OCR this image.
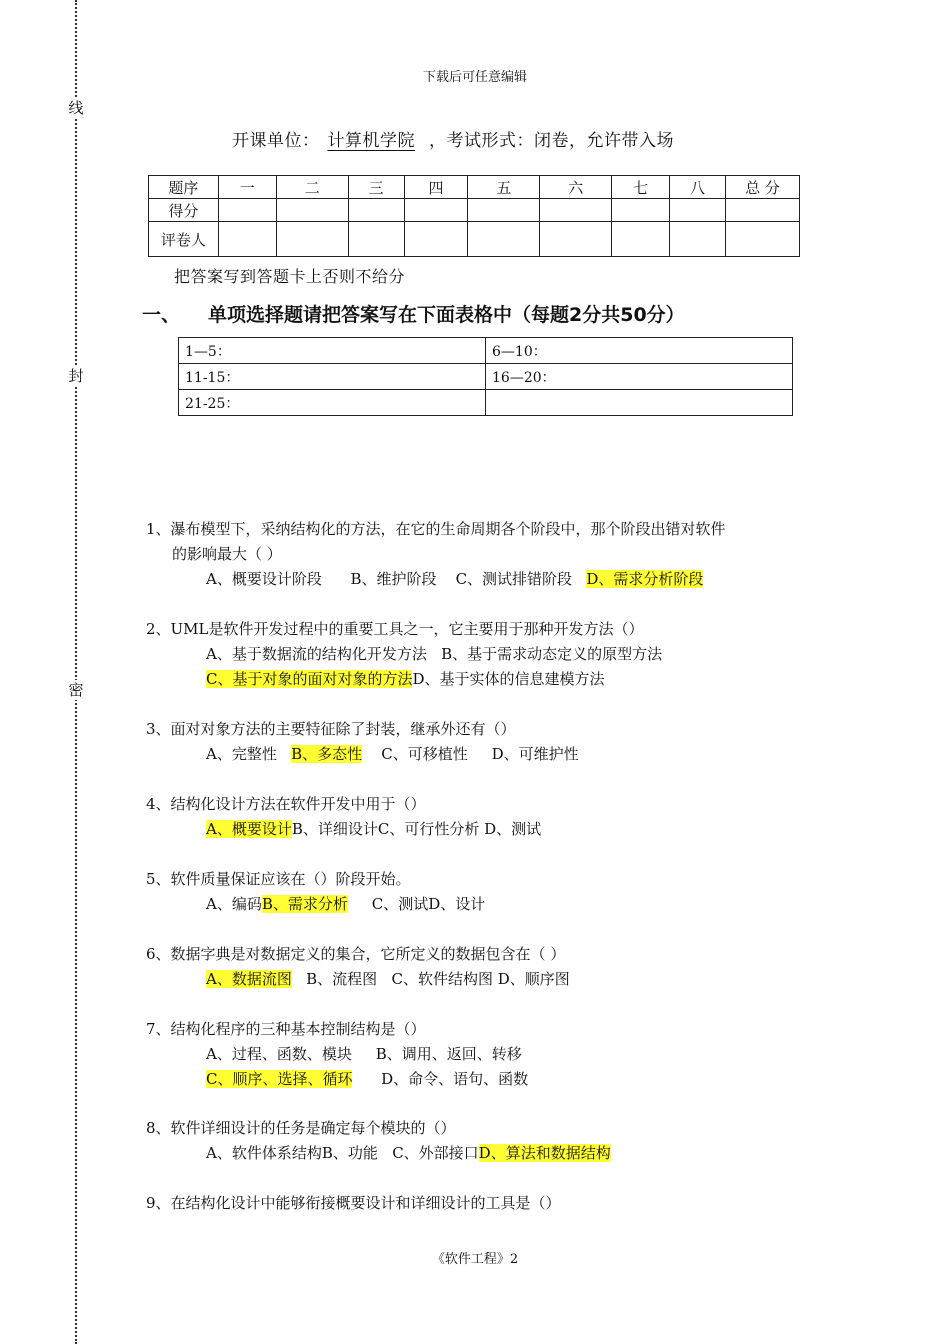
线
封
密
下载后可任意编辑
开课单位： 计算机学院 ，考试形式：闭卷，允许带入场
题序	一	二	三	四	五	六	七	八	总 分
得分									
评卷人									
把答案写到答题卡上否则不给分
一、 单项选择题请把答案写在下面表格中（每题2分共50分）
1—5：	6—10：
11-15：	16—20：
21-25：	
1、瀑布模型下，采纳结构化的方法，在它的生命周期各个阶段中，那个阶段出错对软件
的影响最大（ ）
A、概要设计阶段 B、维护阶段 C、测试排错阶段 D、需求分析阶段
2、UML是软件开发过程中的重要工具之一，它主要用于那种开发方法（）
A、基于数据流的结构化开发方法 B、基于需求动态定义的原型方法
C、基于对象的面对对象的方法D、基于实体的信息建模方法
3、面对对象方法的主要特征除了封装，继承外还有（）
A、完整性 B、多态性 C、可移植性 D、可维护性
4、结构化设计方法在软件开发中用于（）
A、概要设计B、详细设计C、可行性分析 D、测试
5、软件质量保证应该在（）阶段开始。
A、编码B、需求分析 C、测试D、设计
6、数据字典是对数据定义的集合，它所定义的数据包含在（ ）
A、数据流图 B、流程图 C、软件结构图 D、顺序图
7、结构化程序的三种基本控制结构是（）
A、过程、函数、模块 B、调用、返回、转移
C、顺序、选择、循环 D、命令、语句、函数
8、软件详细设计的任务是确定每个模块的（）
A、软件体系结构B、功能 C、外部接口D、算法和数据结构
9、在结构化设计中能够衔接概要设计和详细设计的工具是（）
《软件工程》2
